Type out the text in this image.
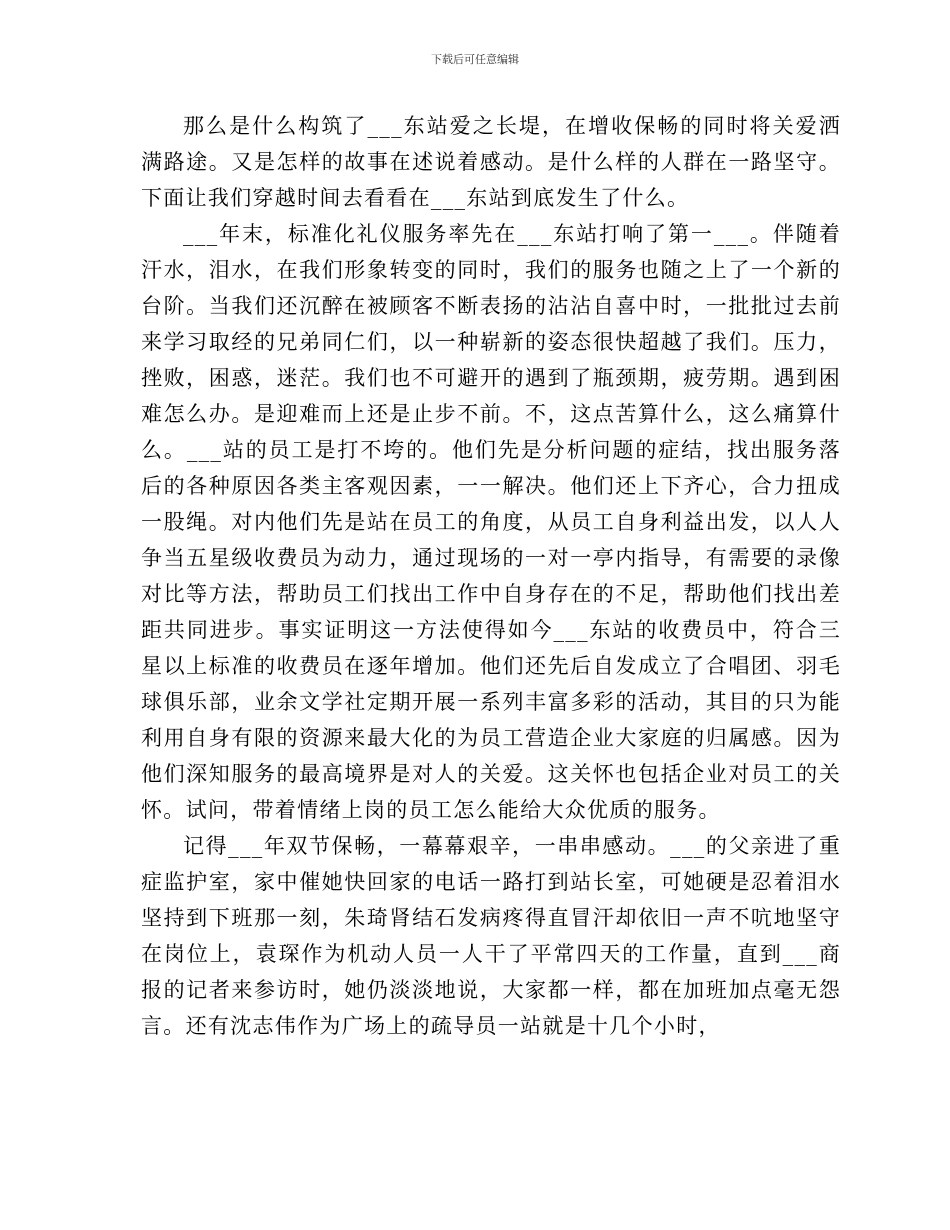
下载后可任意编辑

那么是什么构筑了___东站爱之长堤，在增收保畅的同时将关爱洒满路途。又是怎样的故事在述说着感动。是什么样的人群在一路坚守。下面让我们穿越时间去看看在___东站到底发生了什么。

___年末，标准化礼仪服务率先在___东站打响了第一___。伴随着汗水，泪水，在我们形象转变的同时，我们的服务也随之上了一个新的台阶。当我们还沉醉在被顾客不断表扬的沾沾自喜中时，一批批过去前来学习取经的兄弟同仁们，以一种崭新的姿态很快超越了我们。压力，挫败，困惑，迷茫。我们也不可避开的遇到了瓶颈期，疲劳期。遇到困难怎么办。是迎难而上还是止步不前。不，这点苦算什么，这么痛算什么。___站的员工是打不垮的。他们先是分析问题的症结，找出服务落后的各种原因各类主客观因素，一一解决。他们还上下齐心，合力扭成一股绳。对内他们先是站在员工的角度，从员工自身利益出发，以人人争当五星级收费员为动力，通过现场的一对一亭内指导，有需要的录像对比等方法，帮助员工们找出工作中自身存在的不足，帮助他们找出差距共同进步。事实证明这一方法使得如今___东站的收费员中，符合三星以上标准的收费员在逐年增加。他们还先后自发成立了合唱团、羽毛球俱乐部，业余文学社定期开展一系列丰富多彩的活动，其目的只为能利用自身有限的资源来最大化的为员工营造企业大家庭的归属感。因为他们深知服务的最高境界是对人的关爱。这关怀也包括企业对员工的关怀。试问，带着情绪上岗的员工怎么能给大众优质的服务。

记得___年双节保畅，一幕幕艰辛，一串串感动。___的父亲进了重症监护室，家中催她快回家的电话一路打到站长室，可她硬是忍着泪水坚持到下班那一刻，朱琦肾结石发病疼得直冒汗却依旧一声不吭地坚守在岗位上，袁琛作为机动人员一人干了平常四天的工作量，直到___商报的记者来参访时，她仍淡淡地说，大家都一样，都在加班加点毫无怨言。还有沈志伟作为广场上的疏导员一站就是十几个小时，
